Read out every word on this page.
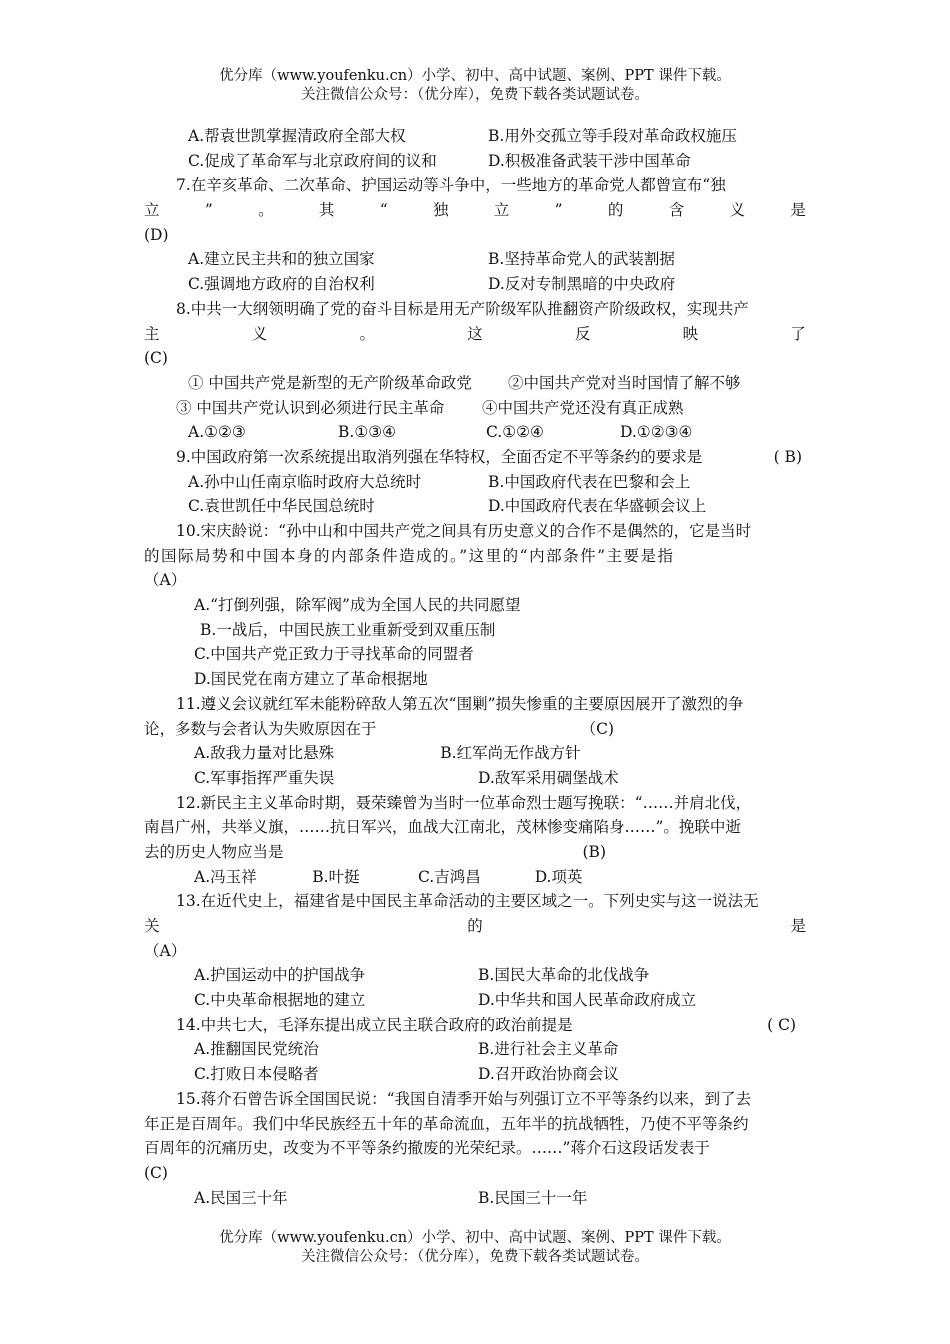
优分库（www.youfenku.cn）小学、初中、高中试题、案例、PPT 课件下载。
关注微信公众号：（优分库），免费下载各类试题试卷。
A.帮袁世凯掌握清政府全部大权	B.用外交孤立等手段对革命政权施压
C.促成了革命军与北京政府间的议和	D.积极准备武装干涉中国革命
7.在辛亥革命、二次革命、护国运动等斗争中，一些地方的革命党人都曾宣布“独
立	”	。	其	“	独	立	”	的	含	义	是
(D)
A.建立民主共和的独立国家	B.坚持革命党人的武装割据
C.强调地方政府的自治权利	D.反对专制黑暗的中央政府
8.中共一大纲领明确了党的奋斗目标是用无产阶级军队推翻资产阶级政权，实现共产
主	义	。	这	反	映	了
(C)
① 中国共产党是新型的无产阶级革命政党	②中国共产党对当时国情了解不够
③ 中国共产党认识到必须进行民主革命	④中国共产党还没有真正成熟
A.①②③	B.①③④	C.①②④	D.①②③④
9.中国政府第一次系统提出取消列强在华特权，全面否定不平等条约的要求是	( B)
A.孙中山任南京临时政府大总统时	B.中国政府代表在巴黎和会上
C.袁世凯任中华民国总统时	D.中国政府代表在华盛顿会议上
10.宋庆龄说：“孙中山和中国共产党之间具有历史意义的合作不是偶然的，它是当时
的国际局势和中国本身的内部条件造成的。”这里的“内部条件”主要是指
（A）
A.“打倒列强，除军阀”成为全国人民的共同愿望
B.一战后，中国民族工业重新受到双重压制
C.中国共产党正致力于寻找革命的同盟者
D.国民党在南方建立了革命根据地
11.遵义会议就红军未能粉碎敌人第五次“围剿”损失惨重的主要原因展开了激烈的争
论，多数与会者认为失败原因在于	（C)
A.敌我力量对比悬殊	B.红军尚无作战方针
C.军事指挥严重失误	D.敌军采用碉堡战术
12.新民主主义革命时期，聂荣臻曾为当时一位革命烈士题写挽联：“……并肩北伐，
南昌广州，共举义旗，……抗日军兴，血战大江南北，茂林惨变痛陷身……”。挽联中逝
去的历史人物应当是	(B)
A.冯玉祥	B.叶挺	C.吉鸿昌	D.项英
13.在近代史上，福建省是中国民主革命活动的主要区域之一。下列史实与这一说法无
关	的	是
（A）
A.护国运动中的护国战争	B.国民大革命的北伐战争
C.中央革命根据地的建立	D.中华共和国人民革命政府成立
14.中共七大，毛泽东提出成立民主联合政府的政治前提是	( C)
A.推翻国民党统治	B.进行社会主义革命
C.打败日本侵略者	D.召开政治协商会议
15.蒋介石曾告诉全国国民说：“我国自清季开始与列强订立不平等条约以来，到了去
年正是百周年。我们中华民族经五十年的革命流血，五年半的抗战牺牲，乃使不平等条约
百周年的沉痛历史，改变为不平等条约撤废的光荣纪录。……”蒋介石这段话发表于
(C)
A.民国三十年	B.民国三十一年
优分库（www.youfenku.cn）小学、初中、高中试题、案例、PPT 课件下载。
关注微信公众号：（优分库），免费下载各类试题试卷。
